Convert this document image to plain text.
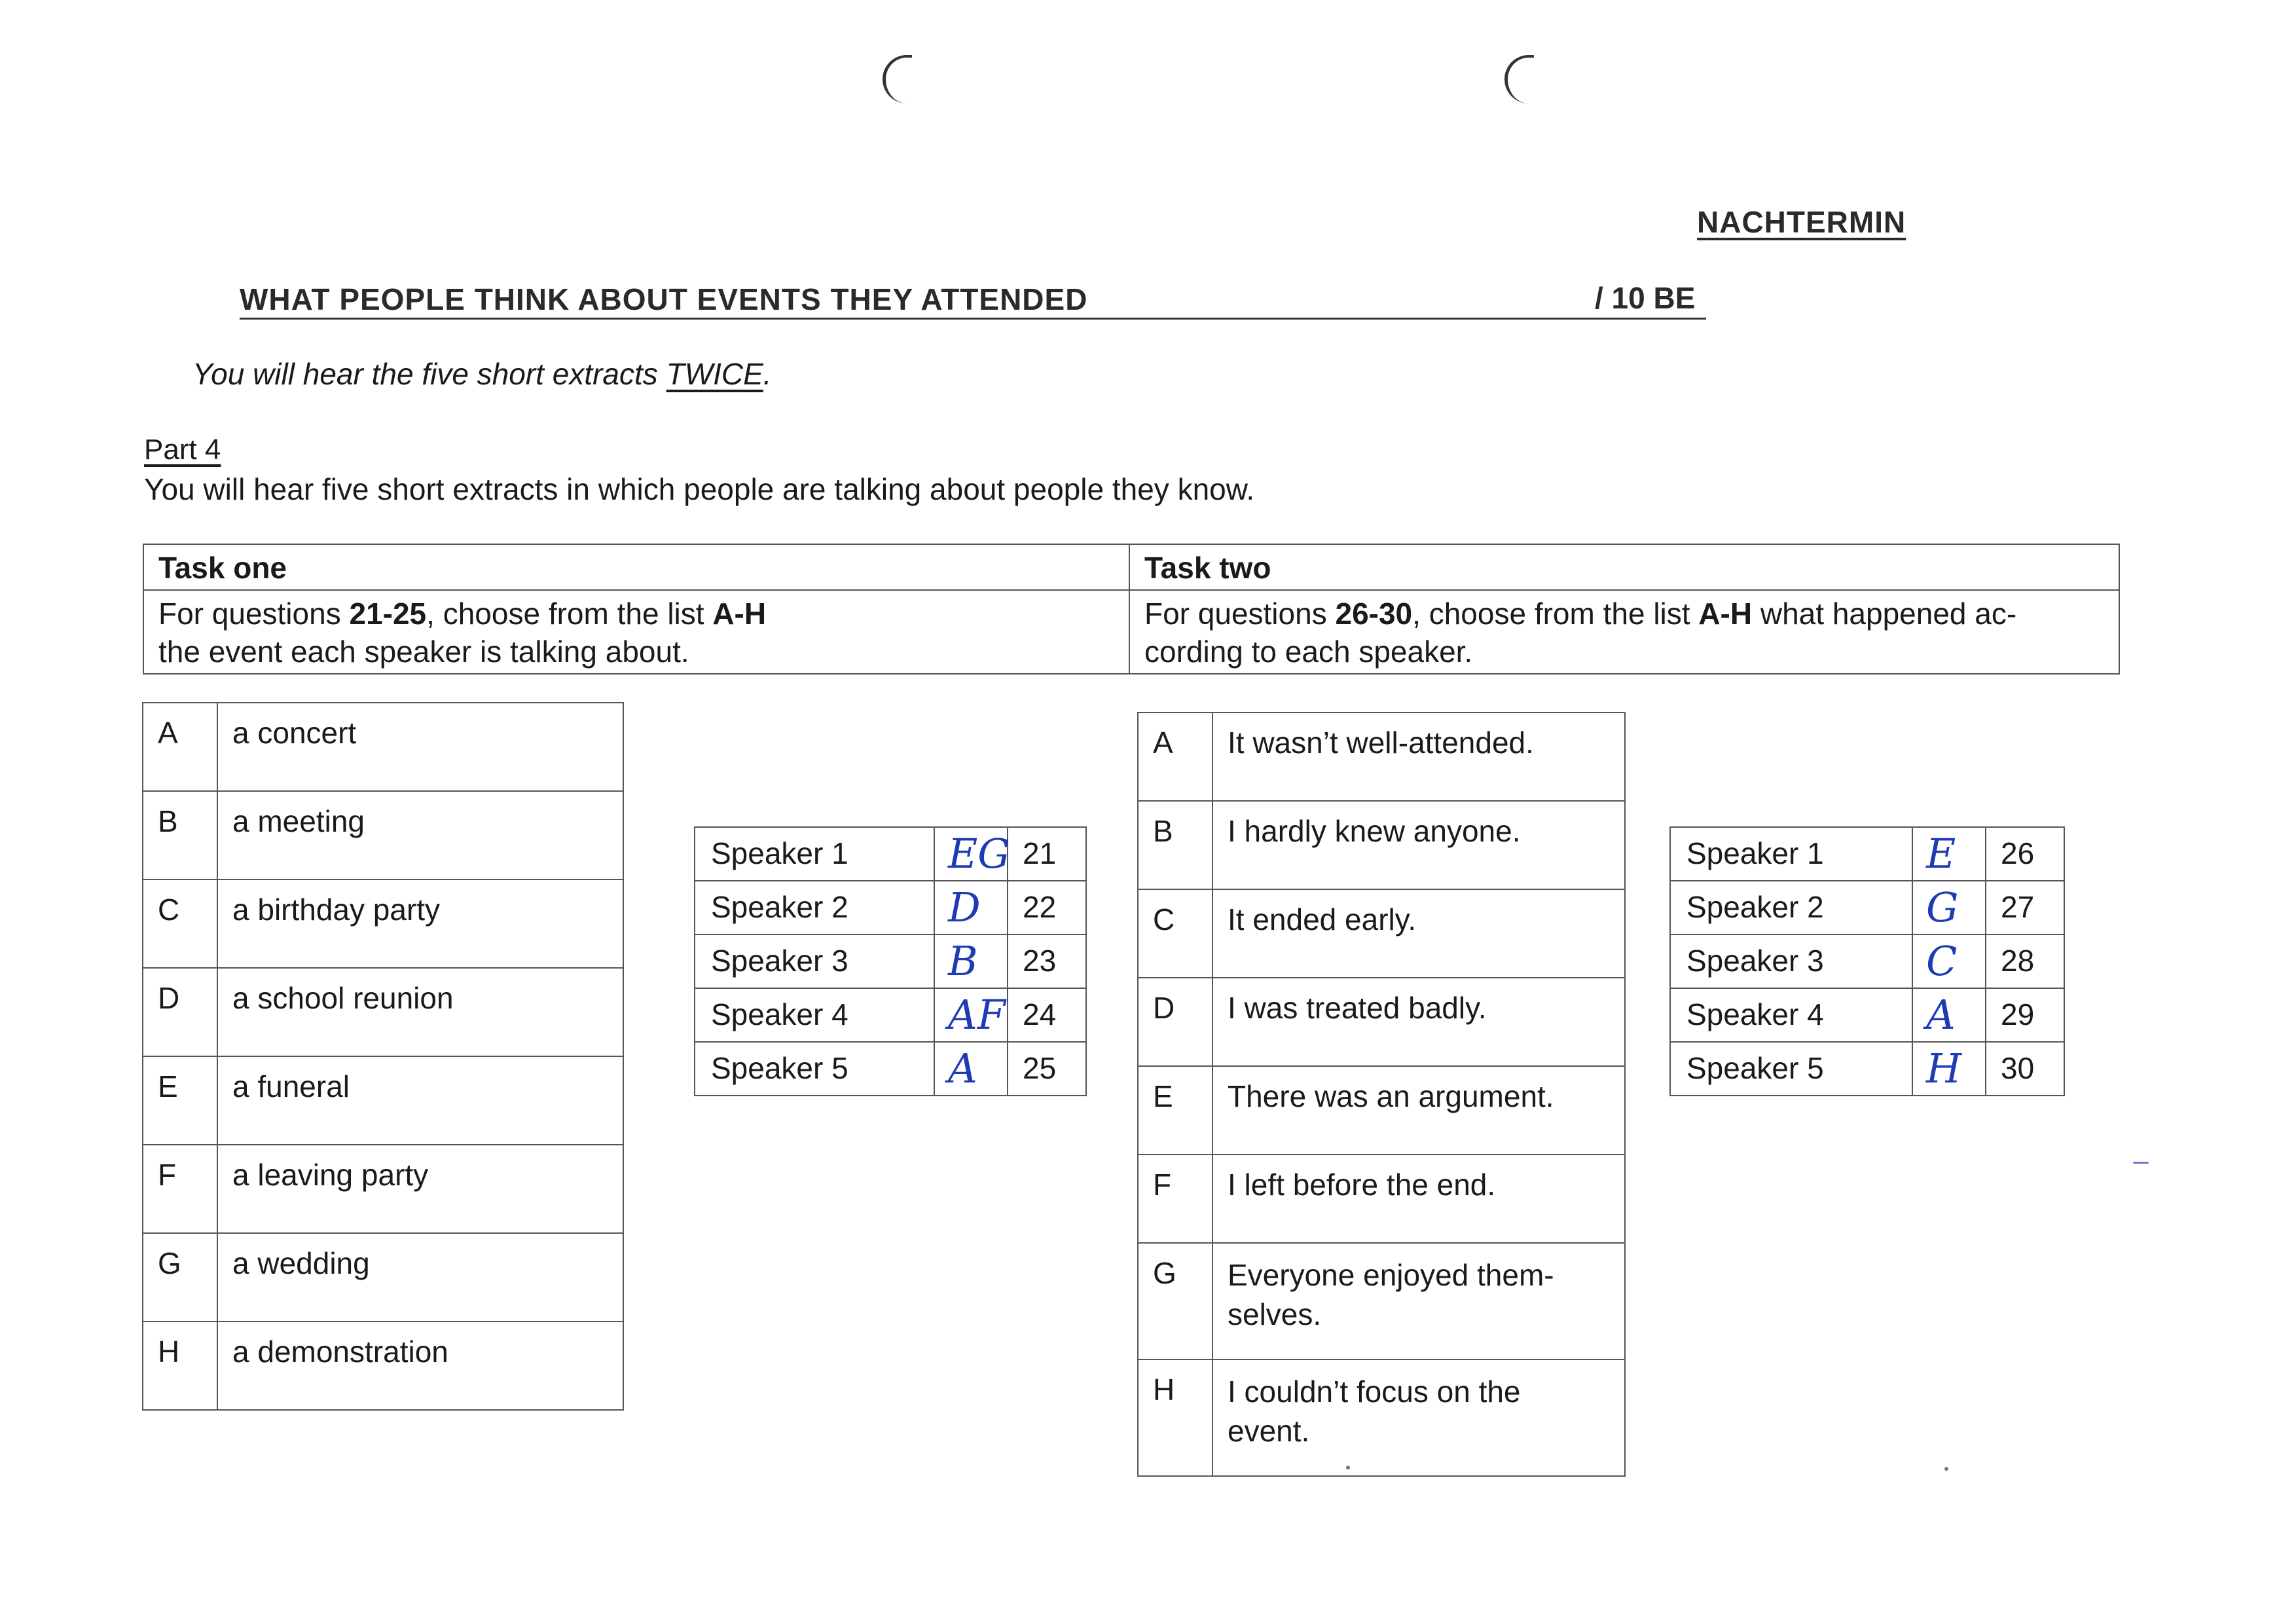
NACHTERMIN
WHAT PEOPLE THINK ABOUT EVENTS THEY ATTENDED	/ 10 BE
You will hear the five short extracts TWICE.
Part 4
You will hear five short extracts in which people are talking about people they know.
Task one	Task two
For questions 21-25, choose from the list A-H
the event each speaker is talking about.	For questions 26-30, choose from the list A-H what happened ac-
cording to each speaker.
A	a concert
B	a meeting
C	a birthday party
D	a school reunion
E	a funeral
F	a leaving party
G	a wedding
H	a demonstration
Speaker 1	EG	21
Speaker 2	D	22
Speaker 3	B	23
Speaker 4	AF	24
Speaker 5	A	25
A	It wasn’t well-attended.
B	I hardly knew anyone.
C	It ended early.
D	I was treated badly.
E	There was an argument.
F	I left before the end.
G	Everyone enjoyed them-
selves.

H	I couldn’t focus on the
event.
Speaker 1	E	26
Speaker 2	G	27
Speaker 3	C	28
Speaker 4	A	29
Speaker 5	H	30
